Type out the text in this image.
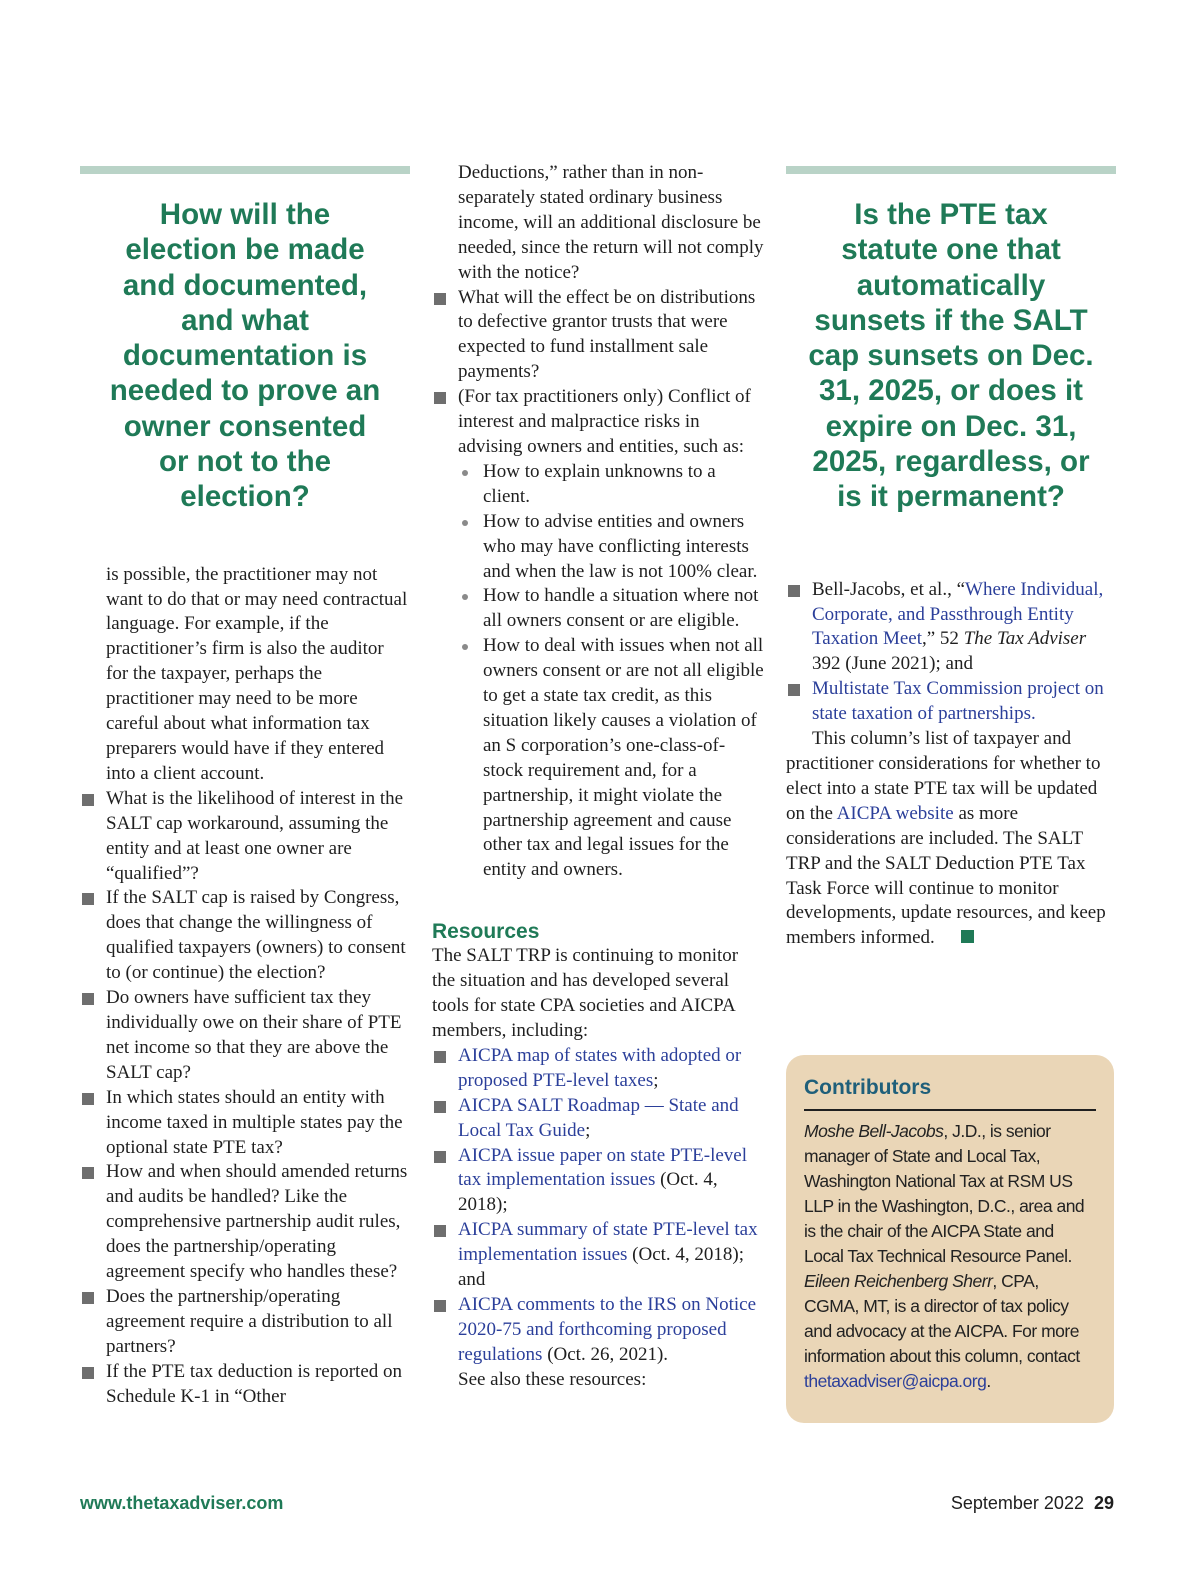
How will the election be made and documented, and what documentation is needed to prove an owner consented or not to the election?

is possible, the practitioner may not want to do that or may need contractual language. For example, if the practitioner’s firm is also the auditor for the taxpayer, perhaps the practitioner may need to be more careful about what information tax preparers would have if they entered into a client account.

What is the likelihood of interest in the SALT cap workaround, assuming the entity and at least one owner are “qualified”?
If the SALT cap is raised by Congress, does that change the willingness of qualified taxpayers (owners) to consent to (or continue) the election?
Do owners have sufficient tax they individually owe on their share of PTE net income so that they are above the SALT cap?
In which states should an entity with income taxed in multiple states pay the optional state PTE tax?
How and when should amended returns and audits be handled? Like the comprehensive partnership audit rules, does the partnership/operating agreement specify who handles these?
Does the partnership/operating agreement require a distribution to all partners?
If the PTE tax deduction is reported on Schedule K-1 in “Other

Deductions,” rather than in non-separately stated ordinary business income, will an additional disclosure be needed, since the return will not comply with the notice?

What will the effect be on distributions to defective grantor trusts that were expected to fund installment sale payments?
(For tax practitioners only) Conflict of interest and malpractice risks in advising owners and entities, such as:
How to explain unknowns to a client.
How to advise entities and owners who may have conflicting interests and when the law is not 100% clear.
How to handle a situation where not all owners consent or are eligible.
How to deal with issues when not all owners consent or are not all eligible to get a state tax credit, as this situation likely causes a violation of an S corporation’s one-class-of-stock requirement and, for a partnership, it might violate the partnership agreement and cause other tax and legal issues for the entity and owners.
Resources

The SALT TRP is continuing to monitor the situation and has developed several tools for state CPA societies and AICPA members, including:

AICPA map of states with adopted or proposed PTE-level taxes;
AICPA SALT Roadmap — State and Local Tax Guide;
AICPA issue paper on state PTE-level tax implementation issues (Oct. 4, 2018);
AICPA summary of state PTE-level tax implementation issues (Oct. 4, 2018); and
AICPA comments to the IRS on Notice 2020-75 and forthcoming proposed regulations (Oct. 26, 2021).
See also these resources:
Is the PTE tax statute one that automatically sunsets if the SALT cap sunsets on Dec. 31, 2025, or does it expire on Dec. 31, 2025, regardless, or is it permanent?
Bell-Jacobs, et al., “Where Individual, Corporate, and Passthrough Entity Taxation Meet,” 52 The Tax Adviser 392 (June 2021); and
Multistate Tax Commission project on state taxation of partnerships.

This column’s list of taxpayer and practitioner considerations for whether to elect into a state PTE tax will be updated on the AICPA website as more considerations are included. The SALT TRP and the SALT Deduction PTE Tax Task Force will continue to monitor developments, update resources, and keep members informed.

Contributors

Moshe Bell-Jacobs, J.D., is senior manager of State and Local Tax, Washington National Tax at RSM US LLP in the Washington, D.C., area and is the chair of the AICPA State and Local Tax Technical Resource Panel. Eileen Reichenberg Sherr, CPA, CGMA, MT, is a director of tax policy and advocacy at the AICPA. For more information about this column, contact thetaxadviser@aicpa.org.

www.thetaxadviser.com	September 2022 29
